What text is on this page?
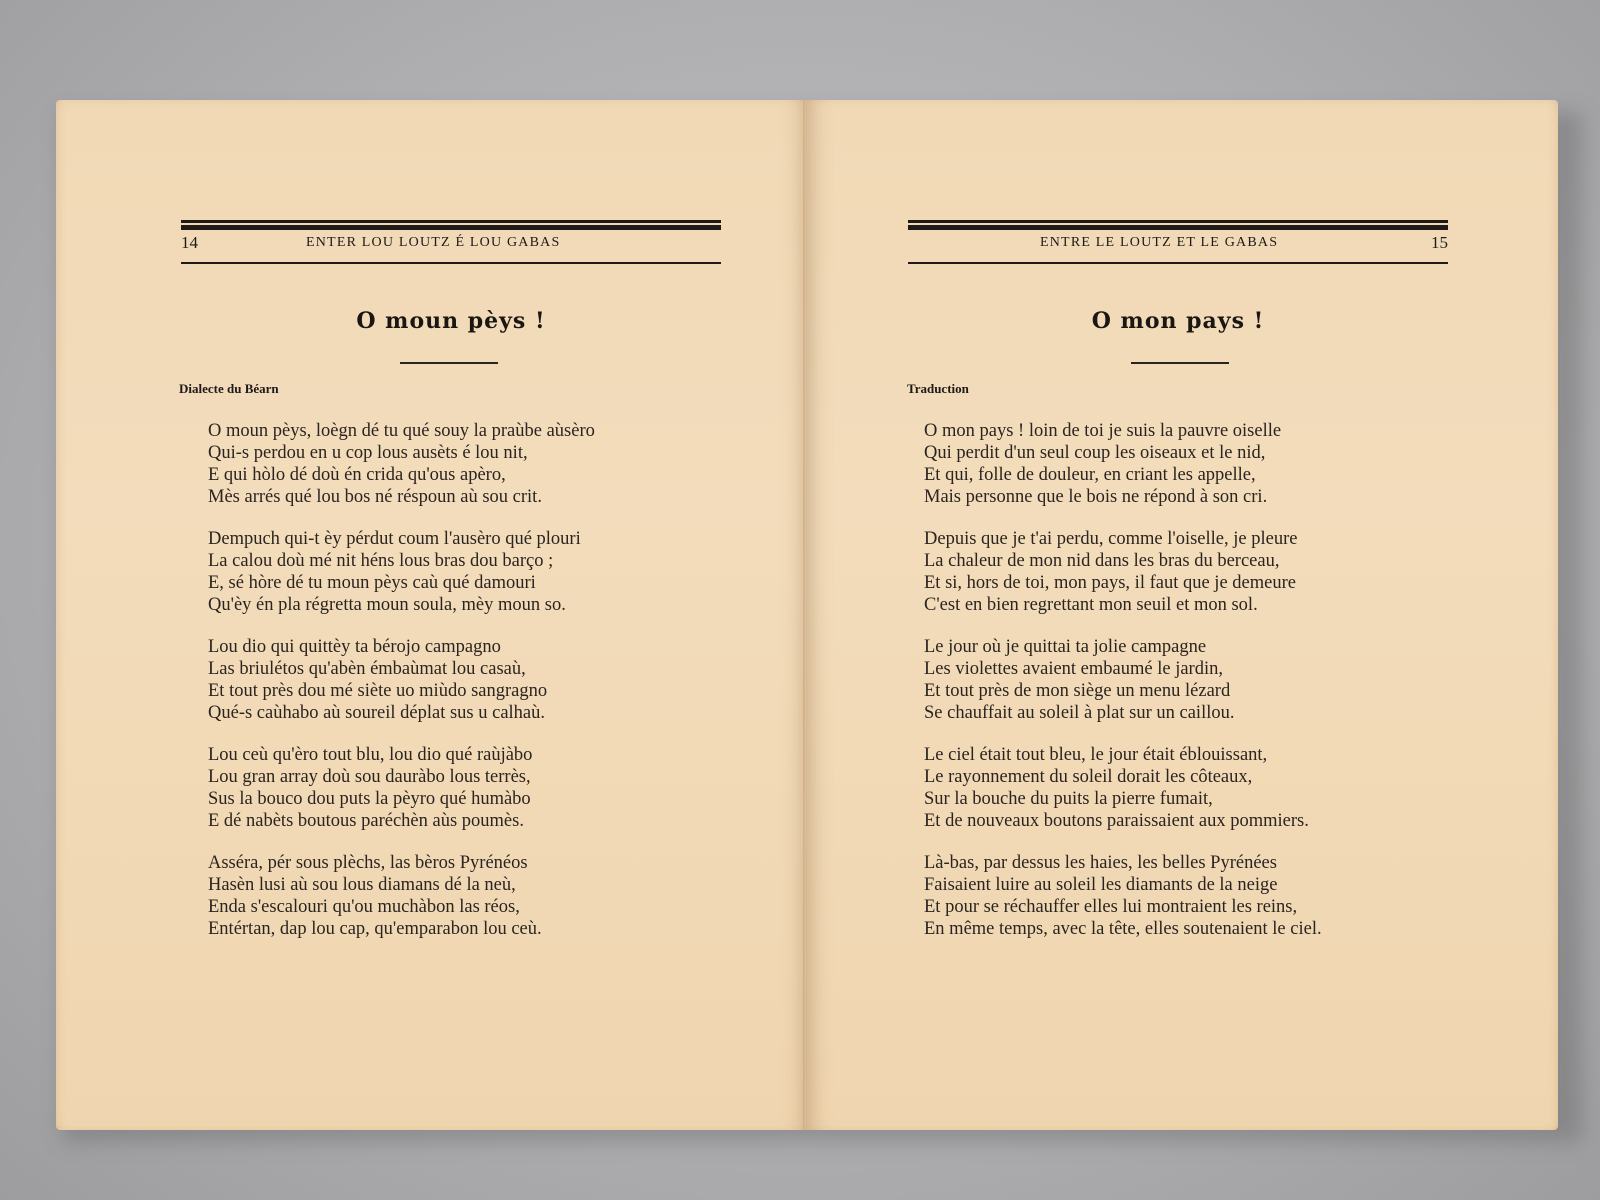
14	ENTER LOU LOUTZ É LOU GABAS
O moun pèys !
Dialecte du Béarn
O moun pèys, loègn dé tu qué souy la praùbe aùsèro
Qui-s perdou en u cop lous ausèts é lou nit,
E qui hòlo dé doù én crida qu'ous apèro,
Mès arrés qué lou bos né réspoun aù sou crit.
Dempuch qui-t èy pérdut coum l'ausèro qué plouri
La calou doù mé nit héns lous bras dou barço ;
E, sé hòre dé tu moun pèys caù qué damouri
Qu'èy én pla régretta moun soula, mèy moun so.
Lou dio qui quittèy ta bérojo campagno
Las briulétos qu'abèn émbaùmat lou casaù,
Et tout près dou mé siète uo miùdo sangragno
Qué-s caùhabo aù soureil déplat sus u calhaù.
Lou ceù qu'èro tout blu, lou dio qué raùjàbo
Lou gran array doù sou dauràbo lous terrès,
Sus la bouco dou puts la pèyro qué humàbo
E dé nabèts boutous paréchèn aùs poumès.
Asséra, pér sous plèchs, las bèros Pyrénéos
Hasèn lusi aù sou lous diamans dé la neù,
Enda s'escalouri qu'ou muchàbon las réos,
Entértan, dap lou cap, qu'emparabon lou ceù.
ENTRE LE LOUTZ ET LE GABAS	15
O mon pays !
Traduction
O mon pays ! loin de toi je suis la pauvre oiselle
Qui perdit d'un seul coup les oiseaux et le nid,
Et qui, folle de douleur, en criant les appelle,
Mais personne que le bois ne répond à son cri.
Depuis que je t'ai perdu, comme l'oiselle, je pleure
La chaleur de mon nid dans les bras du berceau,
Et si, hors de toi, mon pays, il faut que je demeure
C'est en bien regrettant mon seuil et mon sol.
Le jour où je quittai ta jolie campagne
Les violettes avaient embaumé le jardin,
Et tout près de mon siège un menu lézard
Se chauffait au soleil à plat sur un caillou.
Le ciel était tout bleu, le jour était éblouissant,
Le rayonnement du soleil dorait les côteaux,
Sur la bouche du puits la pierre fumait,
Et de nouveaux boutons paraissaient aux pommiers.
Là-bas, par dessus les haies, les belles Pyrénées
Faisaient luire au soleil les diamants de la neige
Et pour se réchauffer elles lui montraient les reins,
En même temps, avec la tête, elles soutenaient le ciel.
